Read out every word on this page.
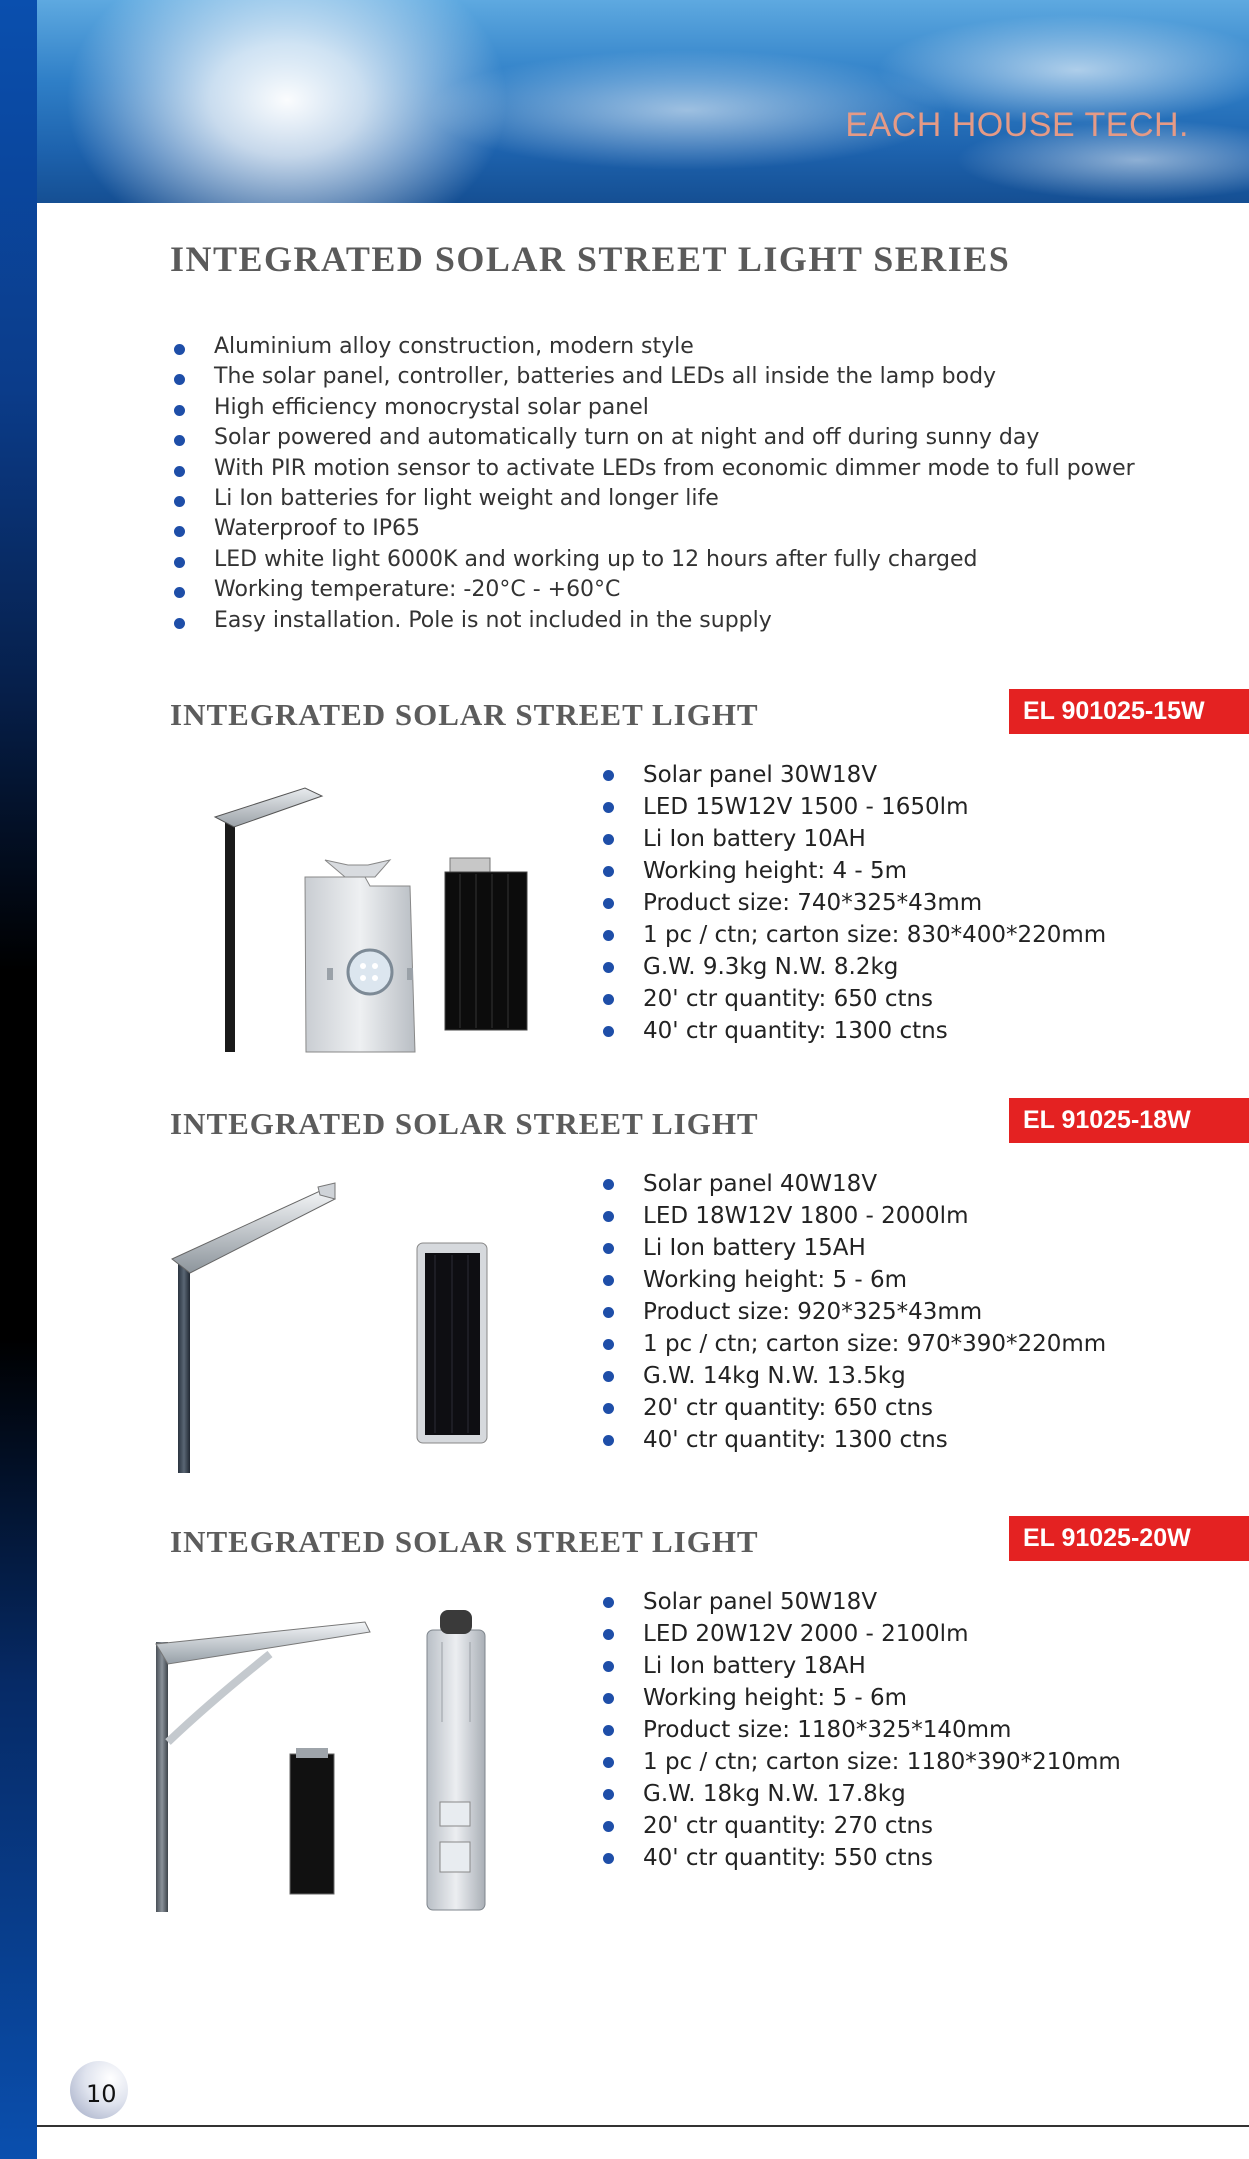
EACH HOUSE TECH.
INTEGRATED SOLAR STREET LIGHT SERIES
Aluminium alloy construction, modern style
The solar panel, controller, batteries and LEDs all inside the lamp body
High efficiency monocrystal solar panel
Solar powered and automatically turn on at night and off during sunny day
With PIR motion sensor to activate LEDs from economic dimmer mode to full power
Li Ion batteries for light weight and longer life
Waterproof to IP65
LED white light 6000K and working up to 12 hours after fully charged
Working temperature: -20°C - +60°C
Easy installation. Pole is not included in the supply
INTEGRATED SOLAR STREET LIGHT	EL 901025-15W
Solar panel 30W18V
LED 15W12V 1500 - 1650lm
Li Ion battery 10AH
Working height: 4 - 5m
Product size: 740*325*43mm
1 pc / ctn; carton size: 830*400*220mm
G.W. 9.3kg N.W. 8.2kg
20' ctr quantity: 650 ctns
40' ctr quantity: 1300 ctns
INTEGRATED SOLAR STREET LIGHT	EL 91025-18W
Solar panel 40W18V
LED 18W12V 1800 - 2000lm
Li Ion battery 15AH
Working height: 5 - 6m
Product size: 920*325*43mm
1 pc / ctn; carton size: 970*390*220mm
G.W. 14kg N.W. 13.5kg
20' ctr quantity: 650 ctns
40' ctr quantity: 1300 ctns
INTEGRATED SOLAR STREET LIGHT	EL 91025-20W
Solar panel 50W18V
LED 20W12V 2000 - 2100lm
Li Ion battery 18AH
Working height: 5 - 6m
Product size: 1180*325*140mm
1 pc / ctn; carton size: 1180*390*210mm
G.W. 18kg N.W. 17.8kg
20' ctr quantity: 270 ctns
40' ctr quantity: 550 ctns
10
